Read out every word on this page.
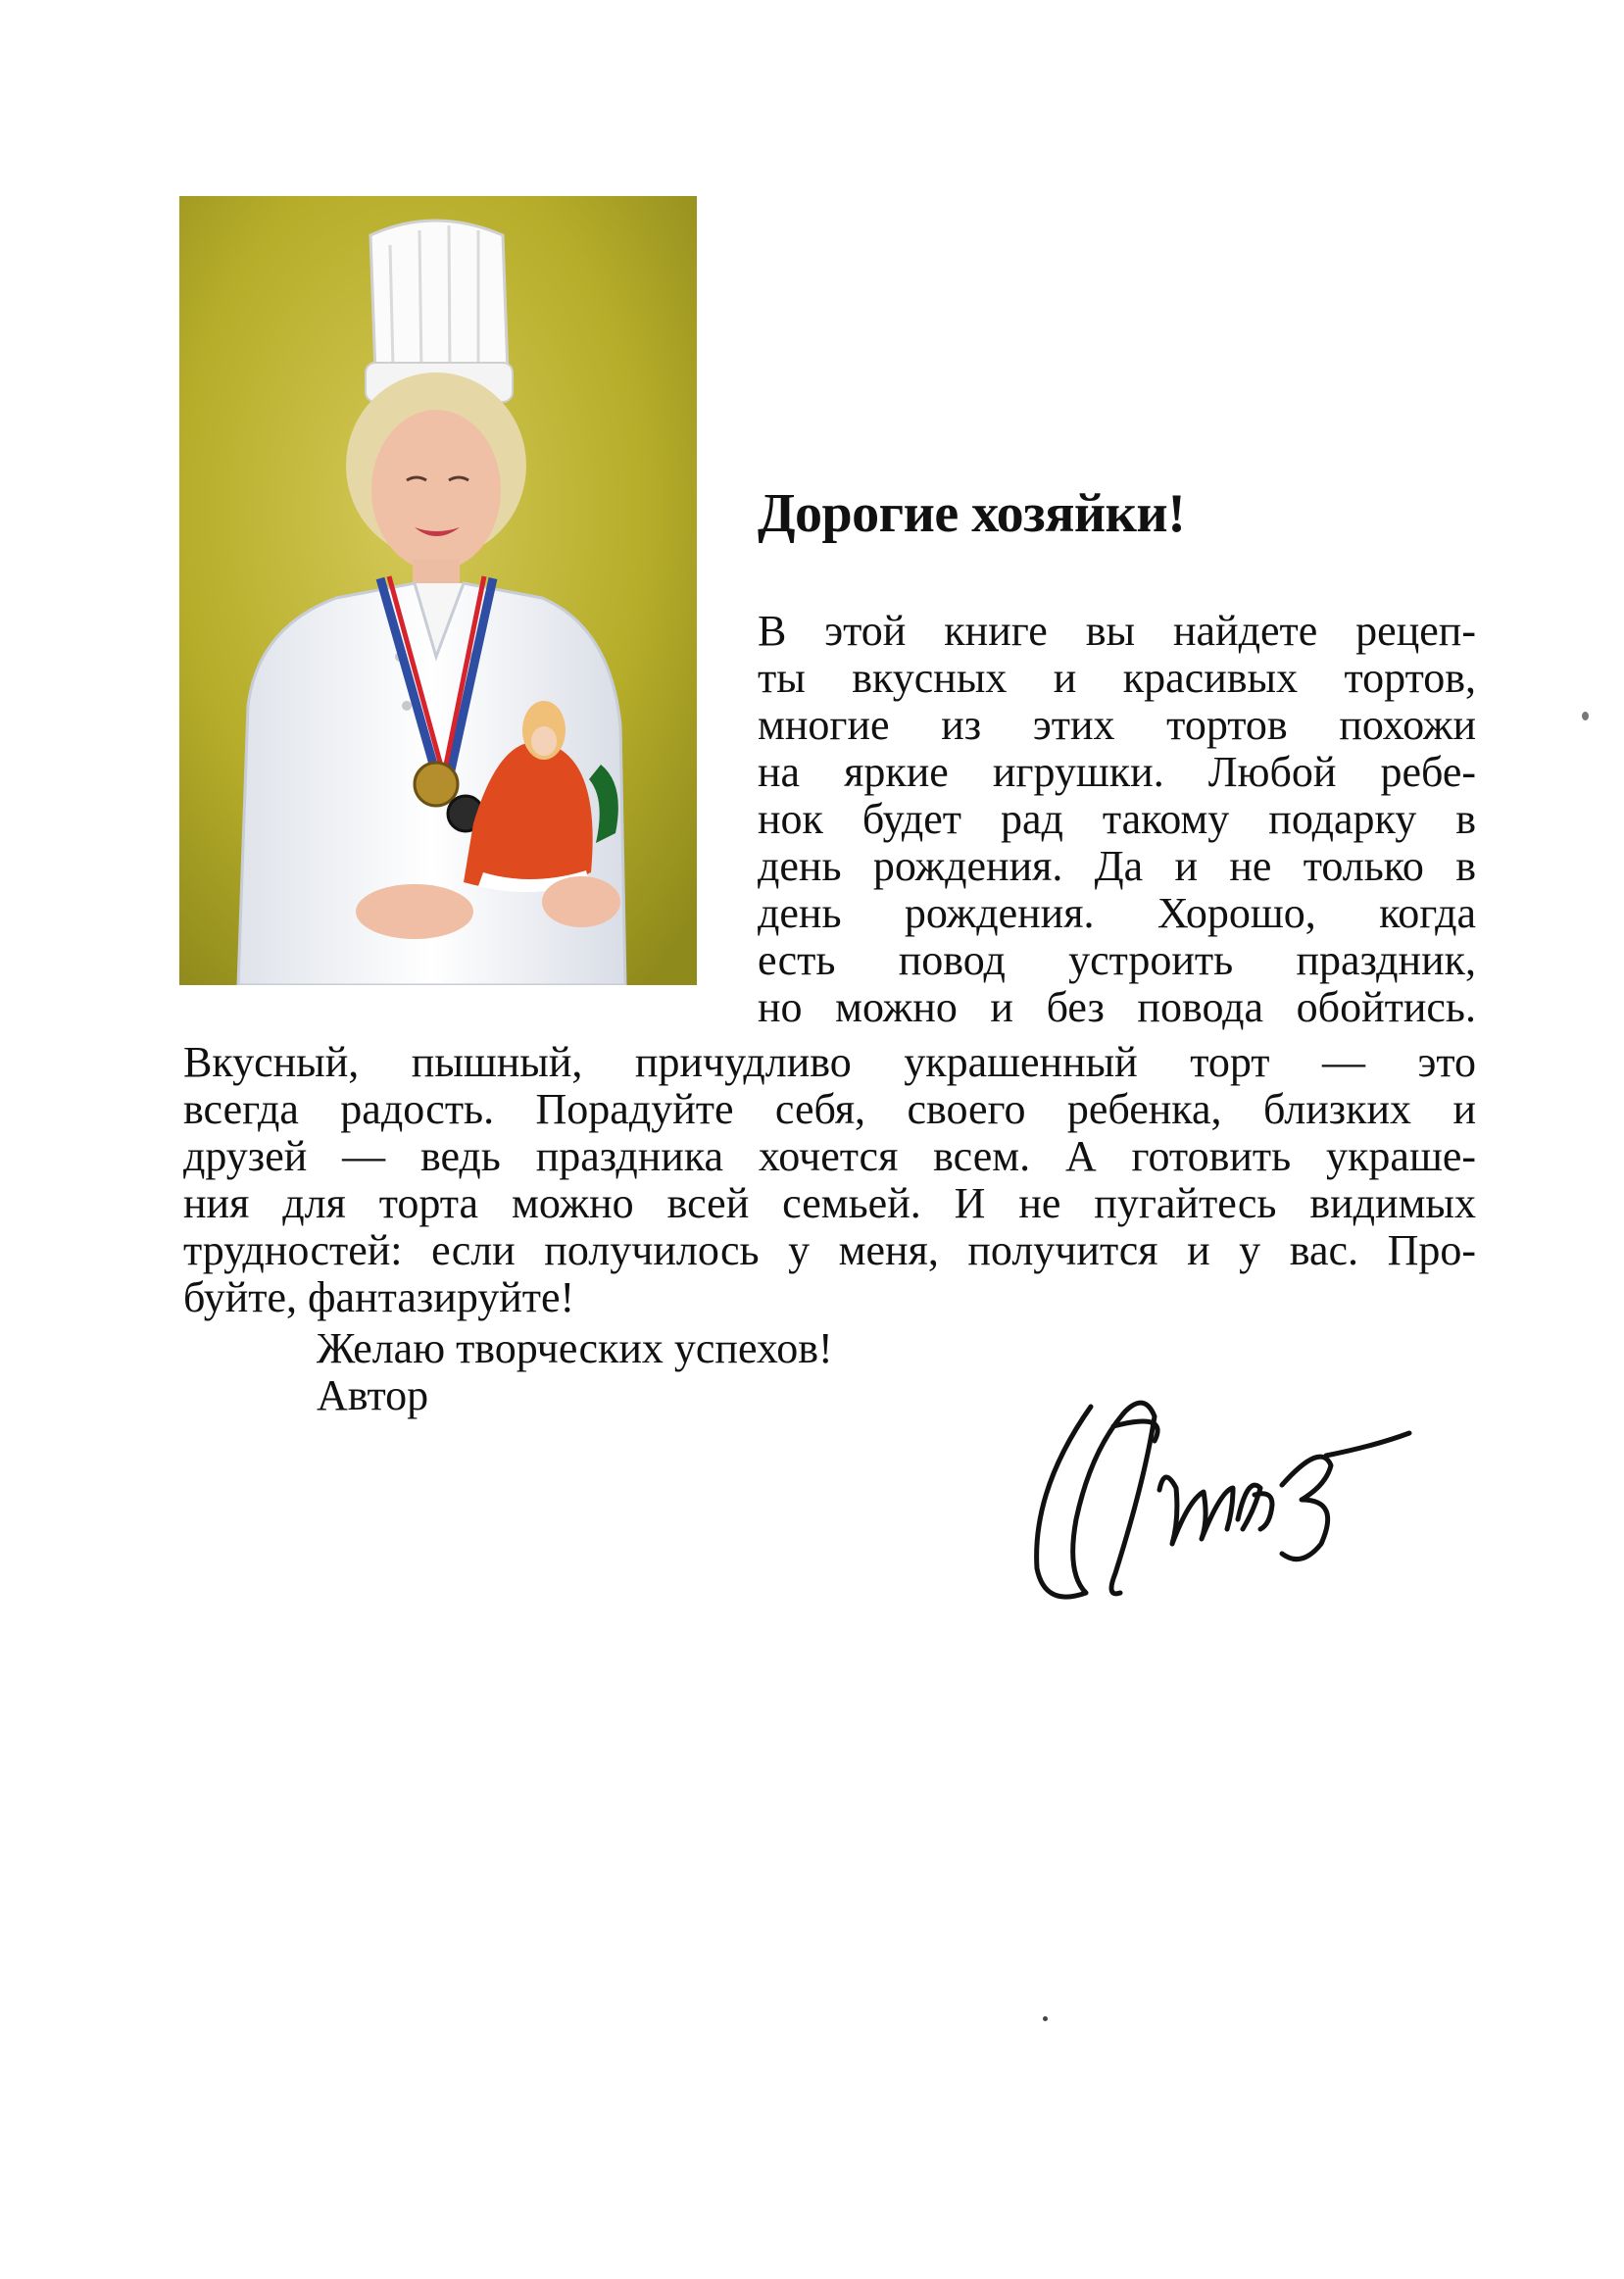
Дорогие хозяйки!
В этой книге вы найдете рецеп-
ты вкусных и красивых тортов,
многие из этих тортов похожи
на яркие игрушки. Любой ребе-
нок будет рад такому подарку в
день рождения. Да и не только в
день рождения. Хорошо, когда
есть повод устроить праздник,
но можно и без повода обойтись.
Вкусный, пышный, причудливо украшенный торт — это
всегда радость. Порадуйте себя, своего ребенка, близких и
друзей — ведь праздника хочется всем. А готовить украше-
ния для торта можно всей семьей. И не пугайтесь видимых
трудностей: если получилось у меня, получится и у вас. Про-
буйте, фантазируйте!
Желаю творческих успехов!
Автор
